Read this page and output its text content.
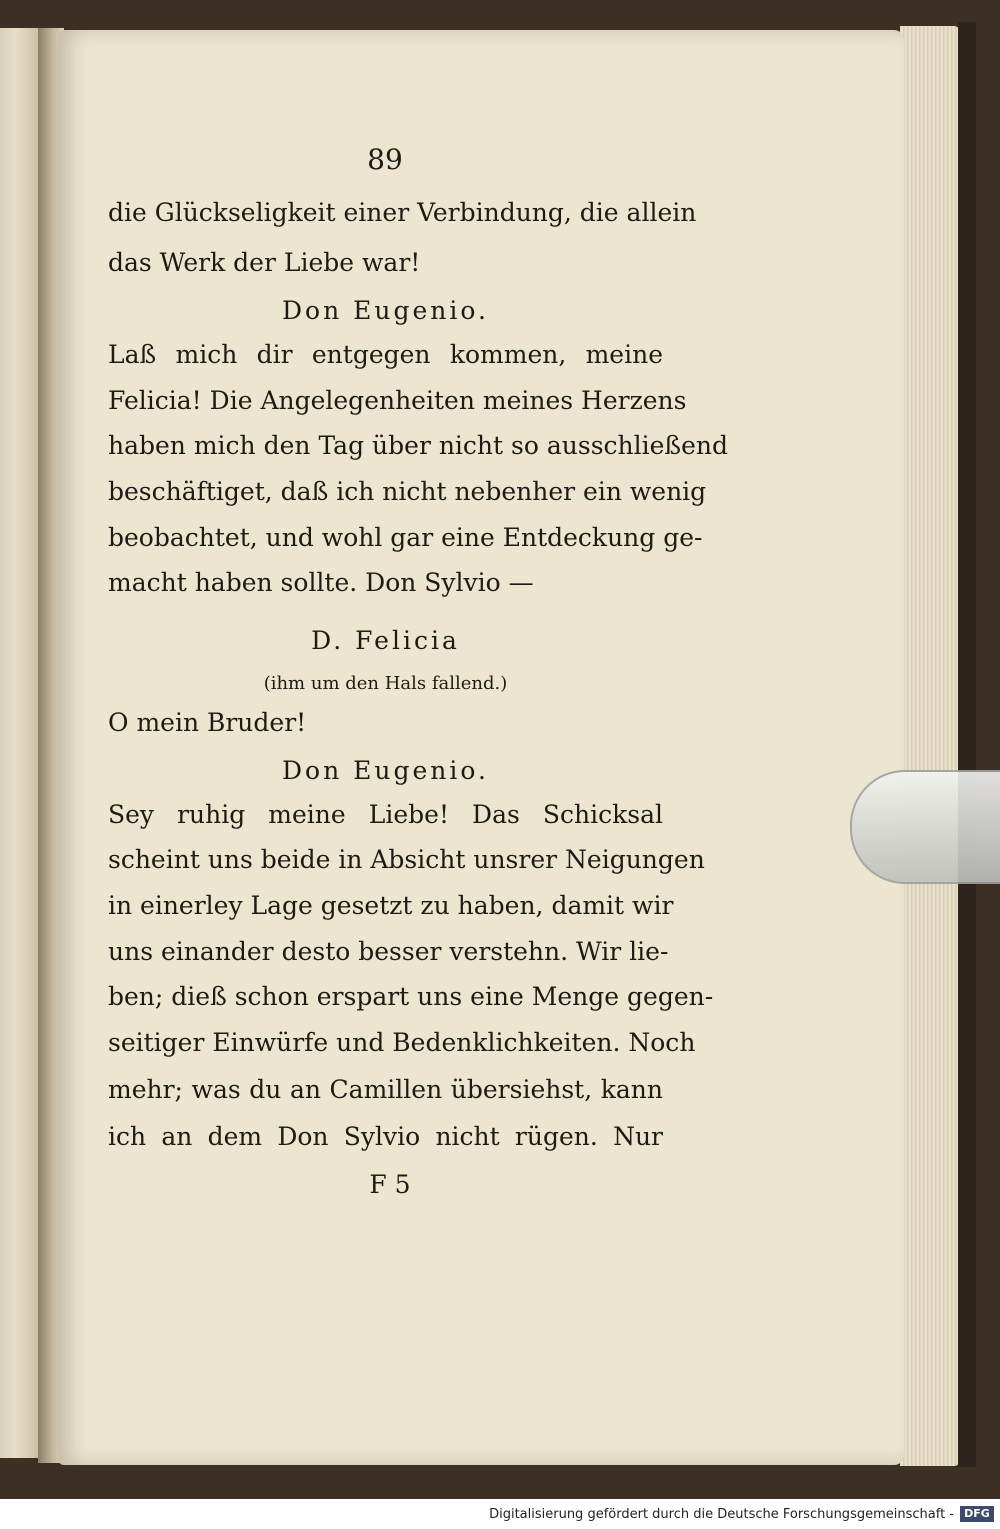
89
die Glückseligkeit einer Verbindung, die allein
das Werk der Liebe war!
Don Eugenio.
Laß mich dir entgegen kommen, meine
Felicia! Die Angelegenheiten meines Herzens
haben mich den Tag über nicht so ausschließend
beschäftiget, daß ich nicht nebenher ein wenig
beobachtet, und wohl gar eine Entdeckung ge-
macht haben sollte. Don Sylvio —
D. Felicia
(ihm um den Hals fallend.)
O mein Bruder!
Don Eugenio.
Sey ruhig meine Liebe! Das Schicksal
scheint uns beide in Absicht unsrer Neigungen
in einerley Lage gesetzt zu haben, damit wir
uns einander desto besser verstehn. Wir lie-
ben; dieß schon erspart uns eine Menge gegen-
seitiger Einwürfe und Bedenklichkeiten. Noch
mehr; was du an Camillen übersiehst, kann
ich an dem Don Sylvio nicht rügen. Nur
F 5
Digitalisierung gefördert durch die Deutsche Forschungsgemeinschaft - DFG
